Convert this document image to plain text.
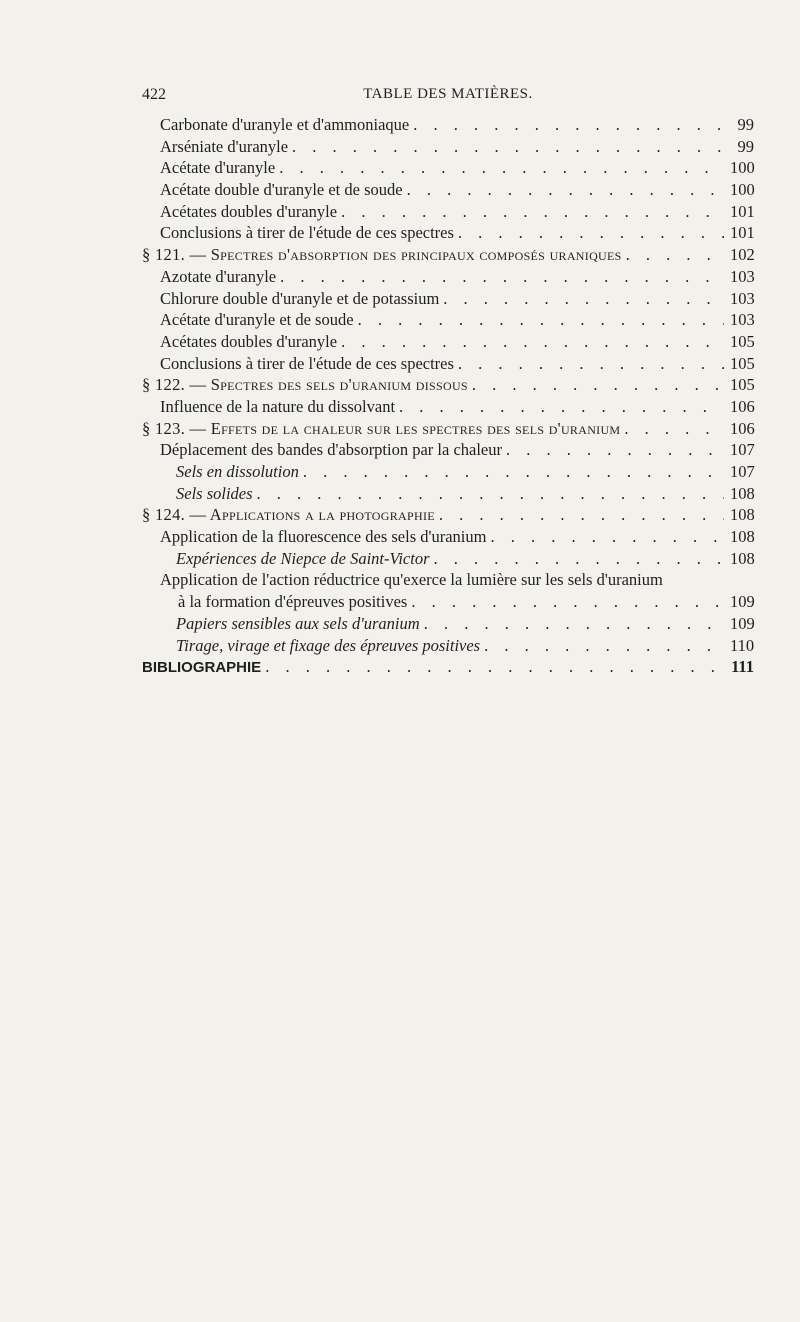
422	TABLE DES MATIÈRES.
Carbonate d'uranyle et d'ammoniaque . . .	99
Arséniate d'uranyle . . .	99
Acétate d'uranyle . . .	100
Acétate double d'uranyle et de soude . . .	100
Acétates doubles d'uranyle . . .	101
Conclusions à tirer de l'étude de ces spectres . . .	101
§ 121. — Spectres d'absorption des principaux composés uraniques . . .	102
Azotate d'uranyle . . .	103
Chlorure double d'uranyle et de potassium . . .	103
Acétate d'uranyle et de soude . . .	103
Acétates doubles d'uranyle . . .	105
Conclusions à tirer de l'étude de ces spectres . . .	105
§ 122. — Spectres des sels d'uranium dissous . . .	105
Influence de la nature du dissolvant . . .	106
§ 123. — Effets de la chaleur sur les spectres des sels d'uranium . . .	106
Déplacement des bandes d'absorption par la chaleur . . .	107
Sels en dissolution . . .	107
Sels solides . . .	108
§ 124. — Applications a la photographie . . .	108
Application de la fluorescence des sels d'uranium . . .	108
Expériences de Niepce de Saint-Victor . . .	108
Application de l'action réductrice qu'exerce la lumière sur les sels d'uranium
à la formation d'épreuves positives . . .	109
Papiers sensibles aux sels d'uranium . . .	109
Tirage, virage et fixage des épreuves positives . . .	110
BIBLIOGRAPHIE . . .	111
